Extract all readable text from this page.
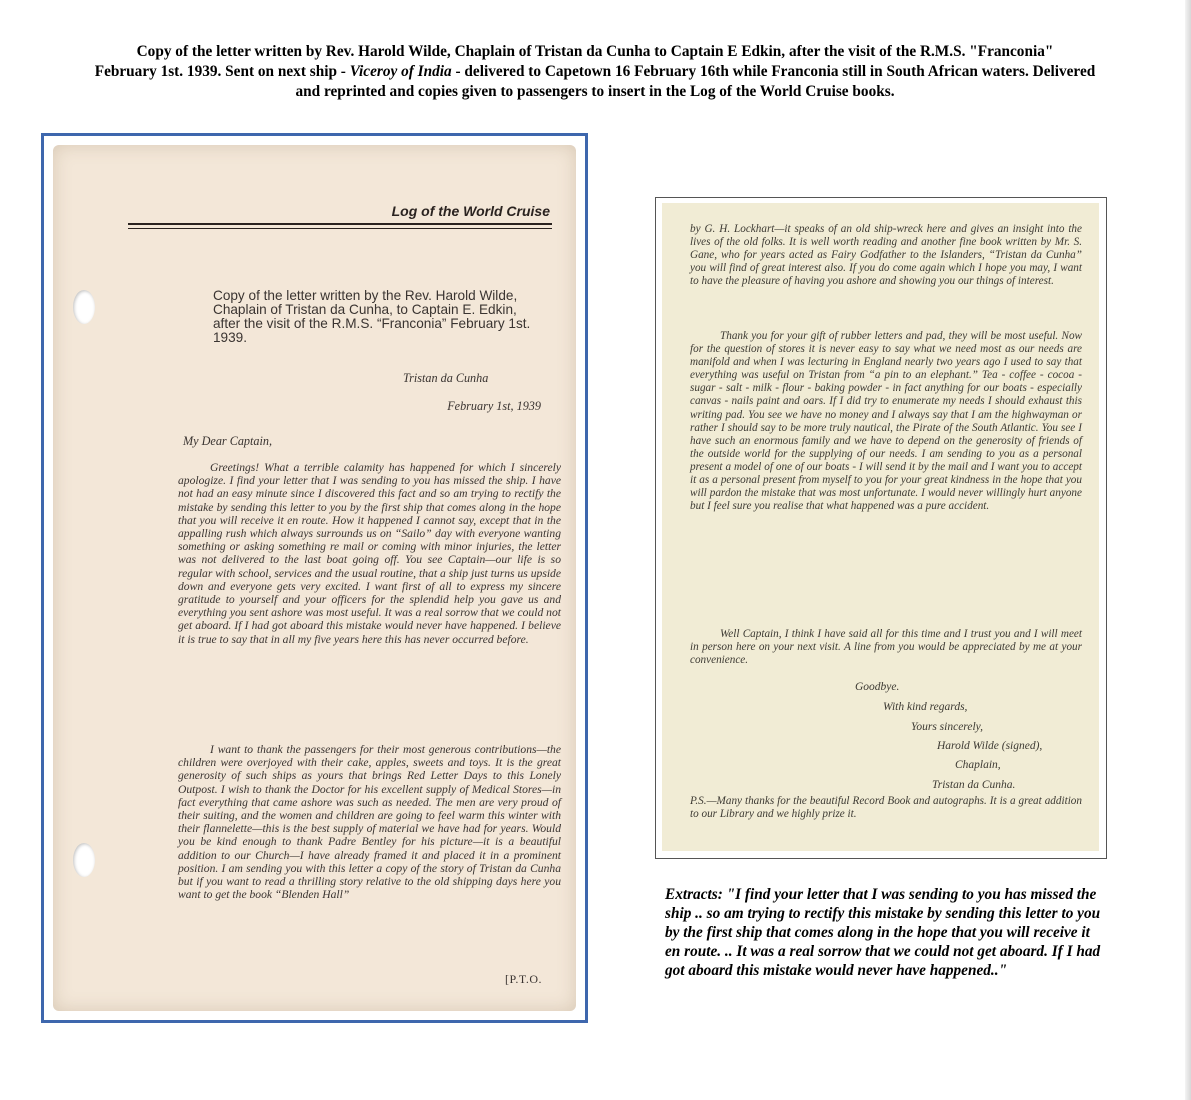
Copy of the letter written by Rev. Harold Wilde, Chaplain of Tristan da Cunha to Captain E Edkin, after the visit of the R.M.S. "Franconia"
February 1st. 1939. Sent on next ship - Viceroy of India - delivered to Capetown 16 February 16th while Franconia still in South African waters. Delivered
and reprinted and copies given to passengers to insert in the Log of the World Cruise books.
Log of the World Cruise
Copy of the letter written by the Rev. Harold Wilde, Chaplain of Tristan da Cunha, to Captain E. Edkin, after the visit of the R.M.S. “Franconia” February 1st. 1939.
Tristan da Cunha
February 1st, 1939
My Dear Captain,
Greetings! What a terrible calamity has happened for which I sincerely apologize. I find your letter that I was sending to you has missed the ship. I have not had an easy minute since I discovered this fact and so am trying to rectify the mistake by sending this letter to you by the first ship that comes along in the hope that you will receive it en route. How it happened I cannot say, except that in the appalling rush which always surrounds us on “Sailo” day with everyone wanting something or asking something re mail or coming with minor injuries, the letter was not delivered to the last boat going off. You see Captain—our life is so regular with school, services and the usual routine, that a ship just turns us upside down and everyone gets very excited. I want first of all to express my sincere gratitude to yourself and your officers for the splendid help you gave us and everything you sent ashore was most useful. It was a real sorrow that we could not get aboard. If I had got aboard this mistake would never have happened. I believe it is true to say that in all my five years here this has never occurred before.
I want to thank the passengers for their most generous contributions—the children were overjoyed with their cake, apples, sweets and toys. It is the great generosity of such ships as yours that brings Red Letter Days to this Lonely Outpost. I wish to thank the Doctor for his excellent supply of Medical Stores—in fact everything that came ashore was such as needed. The men are very proud of their suiting, and the women and children are going to feel warm this winter with their flannelette—this is the best supply of material we have had for years. Would you be kind enough to thank Padre Bentley for his picture—it is a beautiful addition to our Church—I have already framed it and placed it in a prominent position. I am sending you with this letter a copy of the story of Tristan da Cunha but if you want to read a thrilling story relative to the old shipping days here you want to get the book “Blenden Hall”
[P.T.O.
by G. H. Lockhart—it speaks of an old ship-wreck here and gives an insight into the lives of the old folks. It is well worth reading and another fine book written by Mr. S. Gane, who for years acted as Fairy Godfather to the Islanders, “Tristan da Cunha” you will find of great interest also. If you do come again which I hope you may, I want to have the pleasure of having you ashore and showing you our things of interest.
Thank you for your gift of rubber letters and pad, they will be most useful. Now for the question of stores it is never easy to say what we need most as our needs are manifold and when I was lecturing in England nearly two years ago I used to say that everything was useful on Tristan from “a pin to an elephant.” Tea - coffee - cocoa - sugar - salt - milk - flour - baking powder - in fact anything for our boats - especially canvas - nails paint and oars. If I did try to enumerate my needs I should exhaust this writing pad. You see we have no money and I always say that I am the highwayman or rather I should say to be more truly nautical, the Pirate of the South Atlantic. You see I have such an enormous family and we have to depend on the generosity of friends of the outside world for the supplying of our needs. I am sending to you as a personal present a model of one of our boats - I will send it by the mail and I want you to accept it as a personal present from myself to you for your great kindness in the hope that you will pardon the mistake that was most unfortunate. I would never willingly hurt anyone but I feel sure you realise that what happened was a pure accident.
Well Captain, I think I have said all for this time and I trust you and I will meet in person here on your next visit. A line from you would be appreciated by me at your convenience.
Goodbye.
With kind regards,
Yours sincerely,
Harold Wilde (signed),
Chaplain,
Tristan da Cunha.
P.S.—Many thanks for the beautiful Record Book and autographs. It is a great addition to our Library and we highly prize it.
Extracts: "I find your letter that I was sending to you has missed the ship .. so am trying to rectify this mistake by sending this letter to you by the first ship that comes along in the hope that you will receive it en route. .. It was a real sorrow that we could not get aboard. If I had got aboard this mistake would never have happened.."
